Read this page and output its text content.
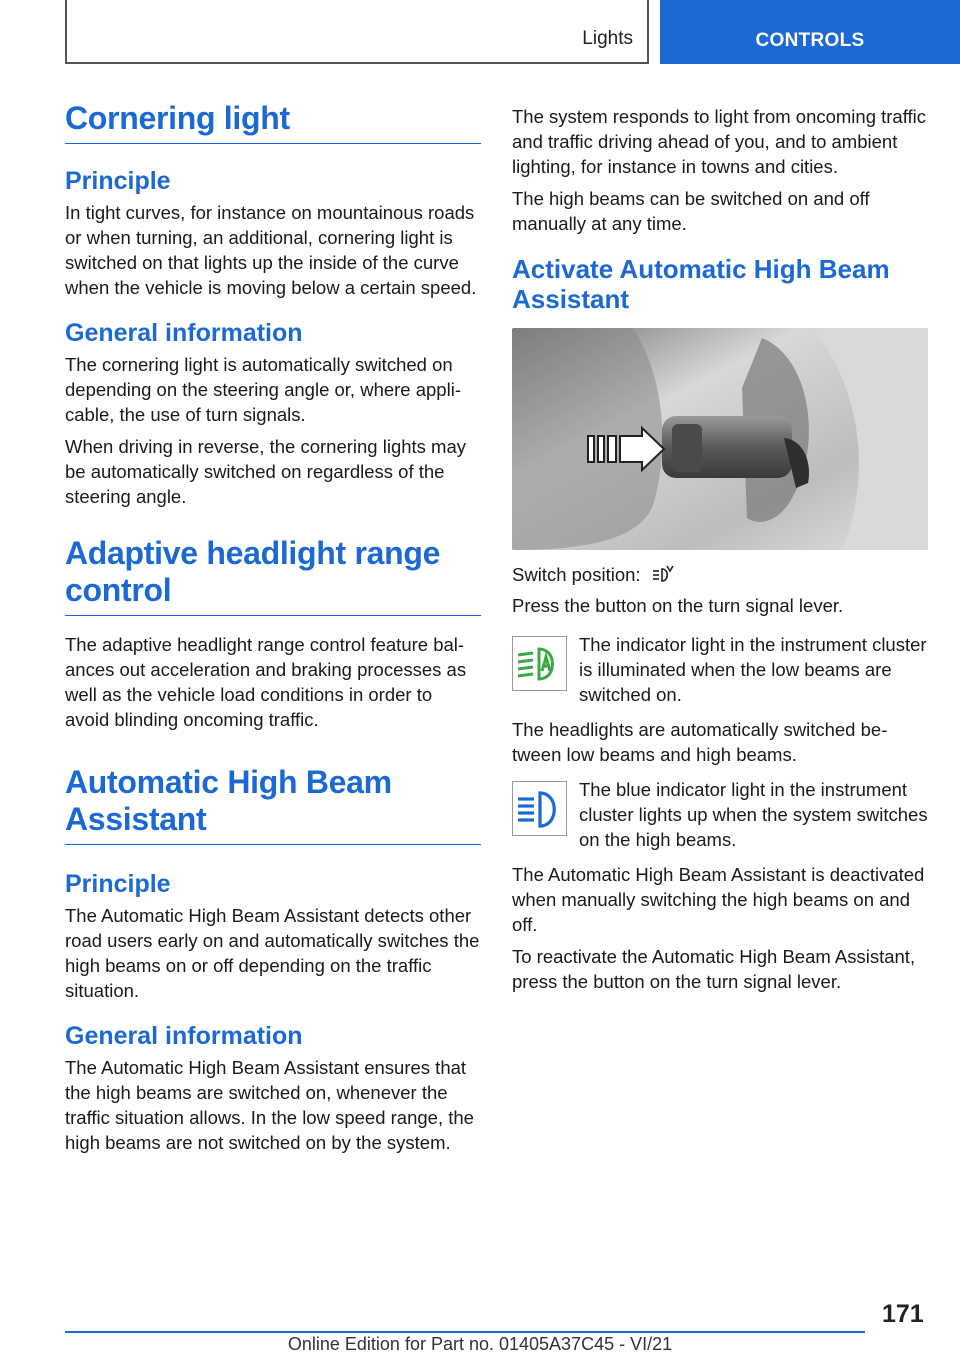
Lights	CONTROLS
Cornering light
Principle

In tight curves, for instance on mountainous roads or when turning, an additional, cornering light is switched on that lights up the inside of the curve when the vehicle is moving below a certain speed.

General information

The cornering light is automatically switched on depending on the steering angle or, where applicable, the use of turn signals.

When driving in reverse, the cornering lights may be automatically switched on regardless of the steering angle.

Adaptive headlight range control

The adaptive headlight range control feature balances out acceleration and braking processes as well as the vehicle load conditions in order to avoid blinding oncoming traffic.

Automatic High Beam Assistant
Principle

The Automatic High Beam Assistant detects other road users early on and automatically switches the high beams on or off depending on the traffic situation.

General information

The Automatic High Beam Assistant ensures that the high beams are switched on, whenever the traffic situation allows. In the low speed range, the high beams are not switched on by the system.

The system responds to light from oncoming traffic and traffic driving ahead of you, and to ambient lighting, for instance in towns and cities.

The high beams can be switched on and off manually at any time.

Activate Automatic High Beam Assistant

Switch position:

Press the button on the turn signal lever.

The indicator light in the instrument cluster is illuminated when the low beams are switched on.

The headlights are automatically switched between low beams and high beams.

The blue indicator light in the instrument cluster lights up when the system switches on the high beams.

The Automatic High Beam Assistant is deactivated when manually switching the high beams on and off.

To reactivate the Automatic High Beam Assistant, press the button on the turn signal lever.

171
Online Edition for Part no. 01405A37C45 - VI/21
